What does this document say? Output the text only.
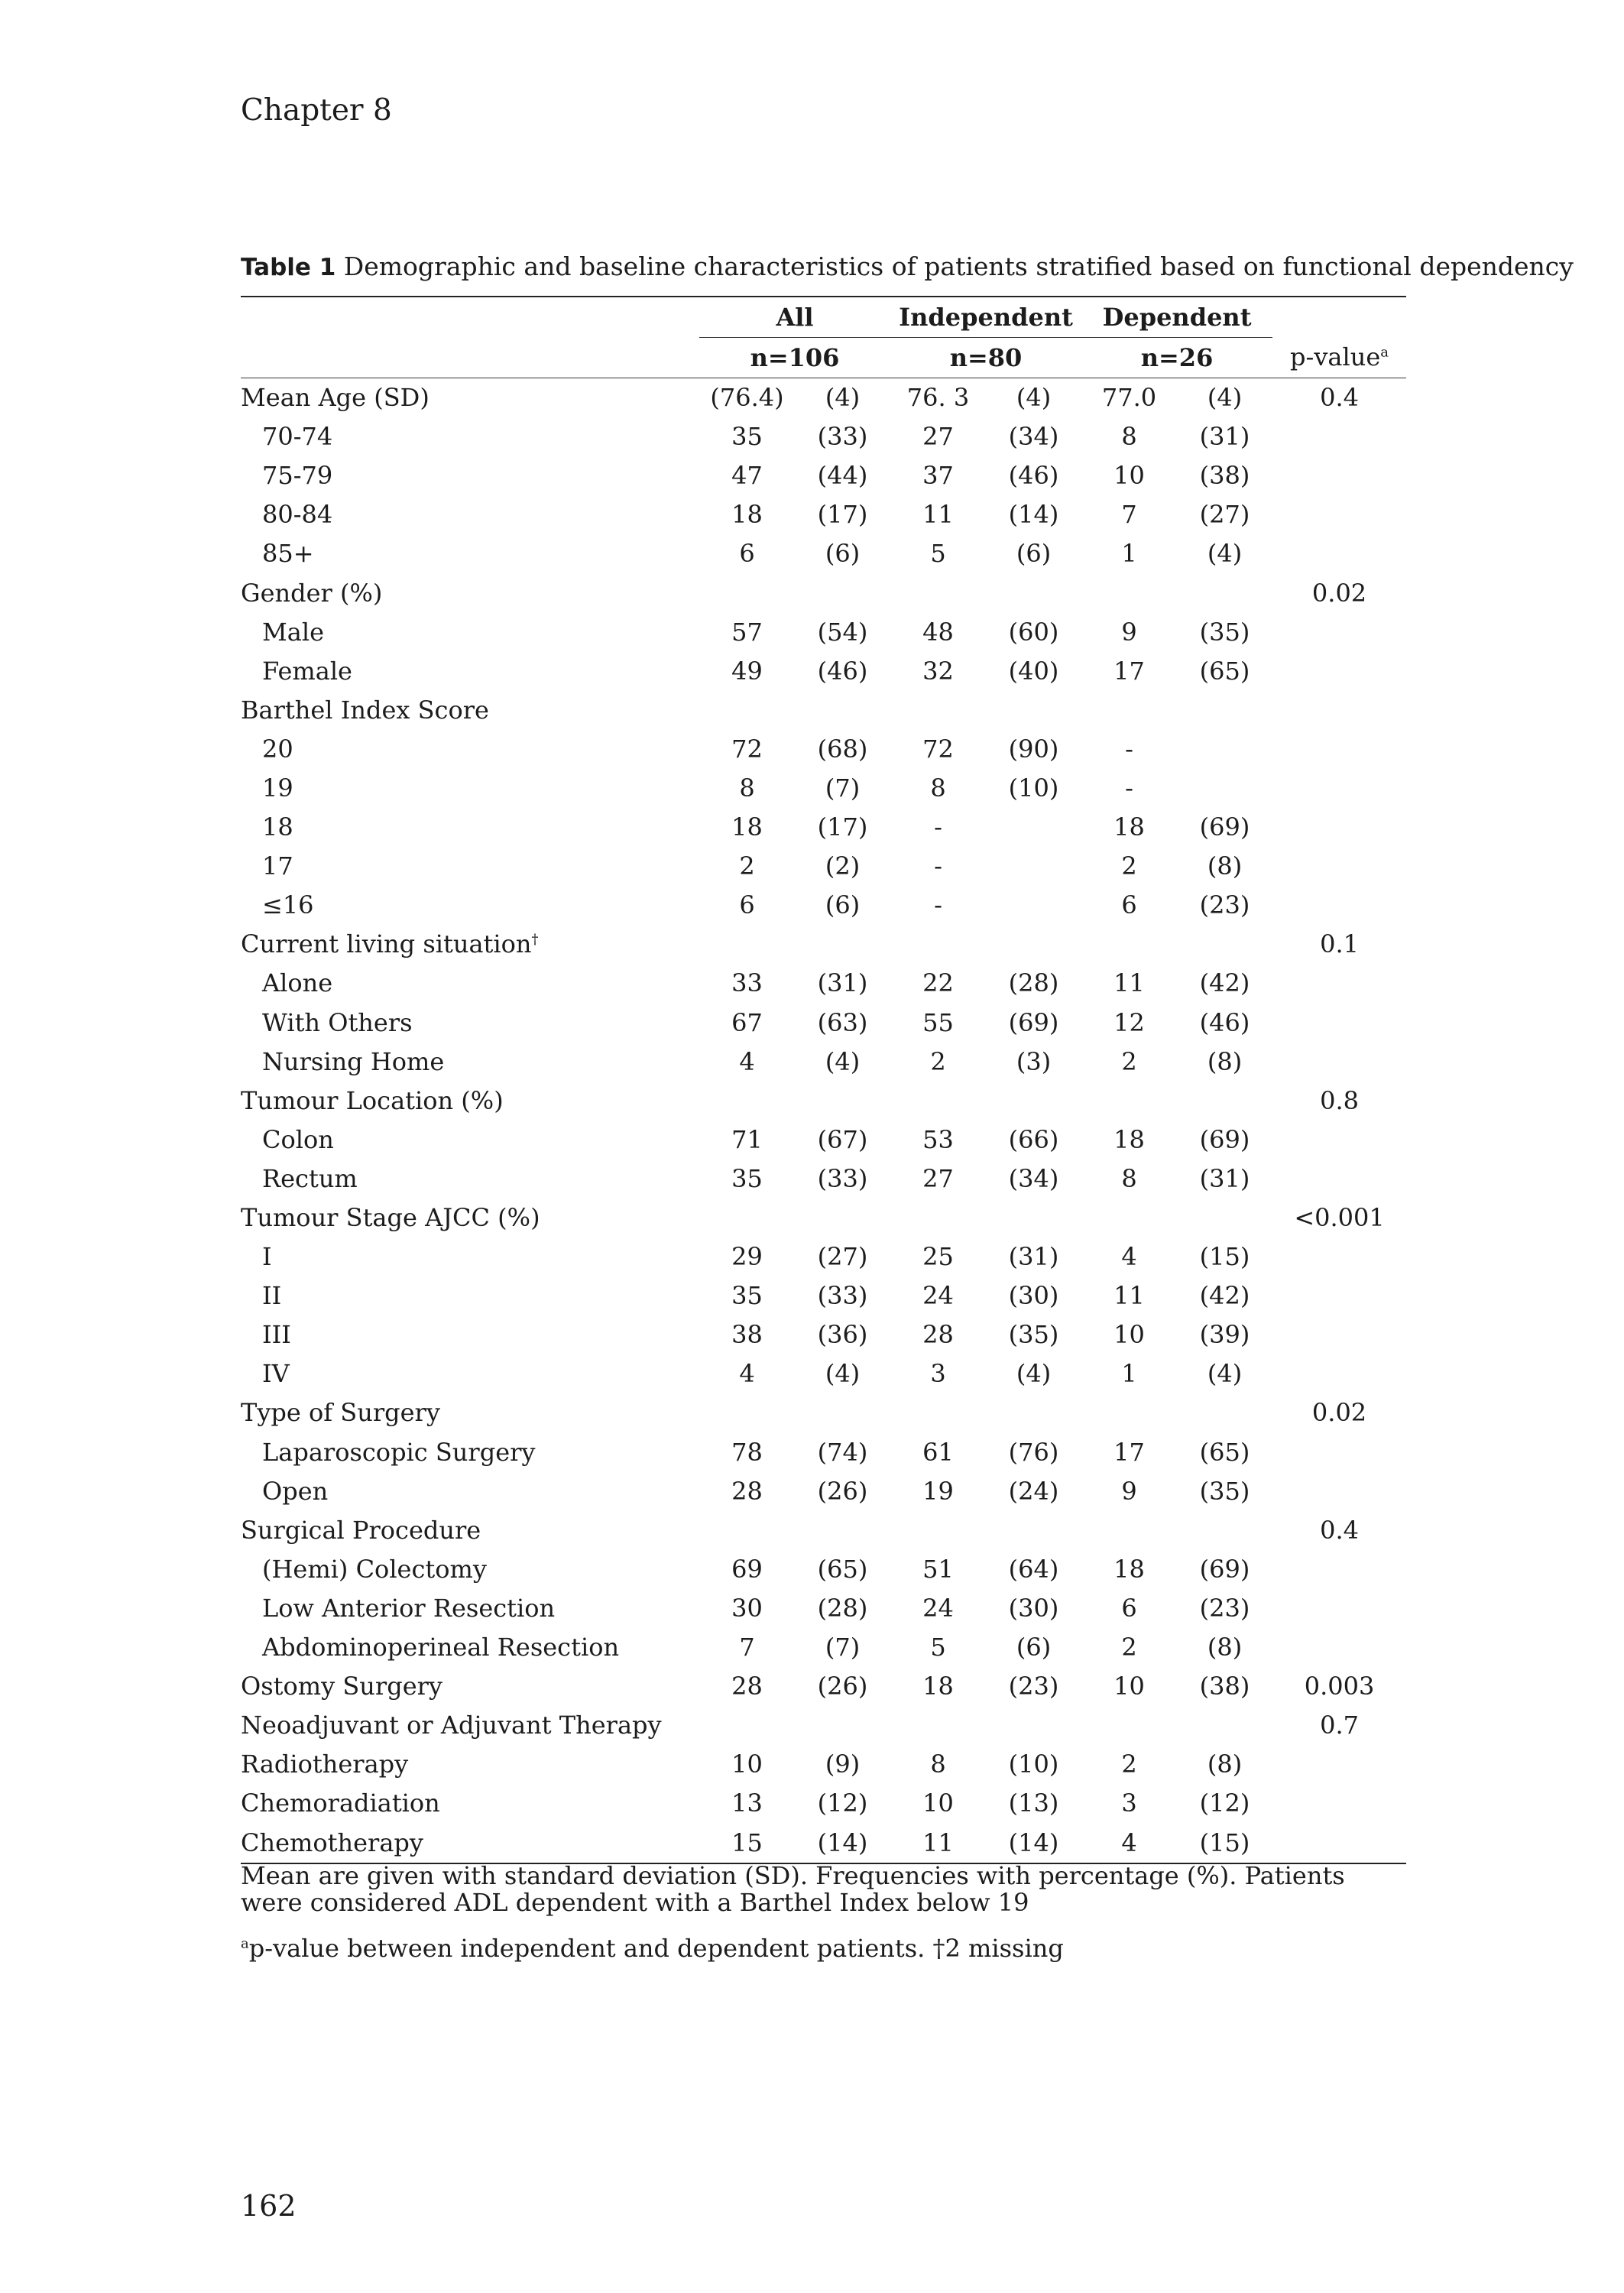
Chapter 8
Table 1 Demographic and baseline characteristics of patients stratified based on functional dependency
	All		Independent		Dependent		
	n=106		n=80		n=26		p-value$^a$
Mean Age (SD)	(76.4)	(4)	76. 3	(4)	77.0	(4)	0.4
70-74	35	(33)	27	(34)	8	(31)	
75-79	47	(44)	37	(46)	10	(38)	
80-84	18	(17)	11	(14)	7	(27)	
85+	6	(6)	5	(6)	1	(4)	
Gender (%)							0.02
Male	57	(54)	48	(60)	9	(35)	
Female	49	(46)	32	(40)	17	(65)	
Barthel Index Score							
20	72	(68)	72	(90)	-		
19	8	(7)	8	(10)	-		
18	18	(17)	-		18	(69)	
17	2	(2)	-		2	(8)	
≤16	6	(6)	-		6	(23)	
Current living situation†							0.1
Alone	33	(31)	22	(28)	11	(42)	
With Others	67	(63)	55	(69)	12	(46)	
Nursing Home	4	(4)	2	(3)	2	(8)	
Tumour Location (%)							0.8
Colon	71	(67)	53	(66)	18	(69)	
Rectum	35	(33)	27	(34)	8	(31)	
Tumour Stage AJCC (%)							<0.001
I	29	(27)	25	(31)	4	(15)	
II	35	(33)	24	(30)	11	(42)	
III	38	(36)	28	(35)	10	(39)	
IV	4	(4)	3	(4)	1	(4)	
Type of Surgery							0.02
Laparoscopic Surgery	78	(74)	61	(76)	17	(65)	
Open	28	(26)	19	(24)	9	(35)	
Surgical Procedure							0.4
(Hemi) Colectomy	69	(65)	51	(64)	18	(69)	
Low Anterior Resection	30	(28)	24	(30)	6	(23)	
Abdominoperineal Resection	7	(7)	5	(6)	2	(8)	
Ostomy Surgery	28	(26)	18	(23)	10	(38)	0.003
Neoadjuvant or Adjuvant Therapy							0.7
Radiotherapy	10	(9)	8	(10)	2	(8)	
Chemoradiation	13	(12)	10	(13)	3	(12)	
Chemotherapy	15	(14)	11	(14)	4	(15)	
Mean are given with standard deviation (SD). Frequencies with percentage (%). Patients were considered ADL dependent with a Barthel Index below 19
$^a$p-value between independent and dependent patients. †2 missing
162
